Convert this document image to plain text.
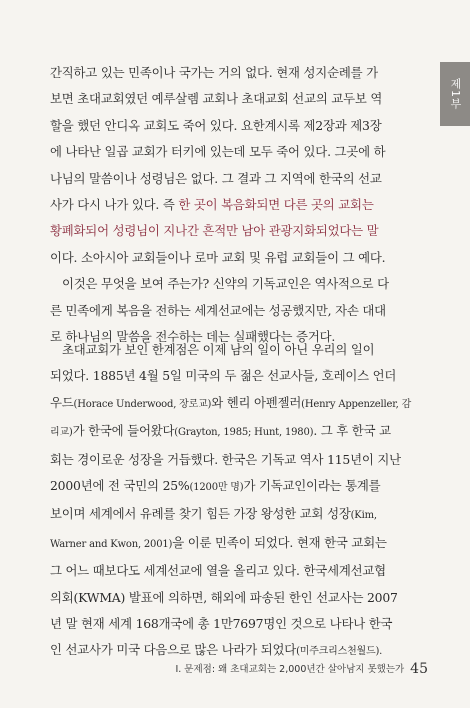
제1부
간직하고 있는 민족이나 국가는 거의 없다. 현재 성지순례를 가
보면 초대교회였던 예루살렘 교회나 초대교회 선교의 교두보 역
할을 했던 안디옥 교회도 죽어 있다. 요한계시록 제2장과 제3장
에 나타난 일곱 교회가 터키에 있는데 모두 죽어 있다. 그곳에 하
나님의 말씀이나 성령님은 없다. 그 결과 그 지역에 한국의 선교
사가 다시 나가 있다. 즉 한 곳이 복음화되면 다른 곳의 교회는
황폐화되어 성령님이 지나간 흔적만 남아 관광지화되었다는 말
이다. 소아시아 교회들이나 로마 교회 및 유럽 교회들이 그 예다.
이것은 무엇을 보여 주는가? 신약의 기독교인은 역사적으로 다
른 민족에게 복음을 전하는 세계선교에는 성공했지만, 자손 대대
로 하나님의 말씀을 전수하는 데는 실패했다는 증거다.
초대교회가 보인 한계점은 이제 남의 일이 아닌 우리의 일이
되었다. 1885년 4월 5일 미국의 두 젊은 선교사들, 호레이스 언더
우드(Horace Underwood, 장로교)와 헨리 아펜젤러(Henry Appenzeller, 감
리교)가 한국에 들어왔다(Grayton, 1985; Hunt, 1980). 그 후 한국 교
회는 경이로운 성장을 거듭했다. 한국은 기독교 역사 115년이 지난
2000년에 전 국민의 25%(1200만 명)가 기독교인이라는 통계를
보이며 세계에서 유례를 찾기 힘든 가장 왕성한 교회 성장(Kim,
Warner and Kwon, 2001)을 이룬 민족이 되었다. 현재 한국 교회는
그 어느 때보다도 세계선교에 열을 올리고 있다. 한국세계선교협
의회(KWMA) 발표에 의하면, 해외에 파송된 한인 선교사는 2007
년 말 현재 세계 168개국에 총 1만7697명인 것으로 나타나 한국
인 선교사가 미국 다음으로 많은 나라가 되었다(미주크리스천월드).
I. 문제점: 왜 초대교회는 2,000년간 살아남지 못했는가 45
